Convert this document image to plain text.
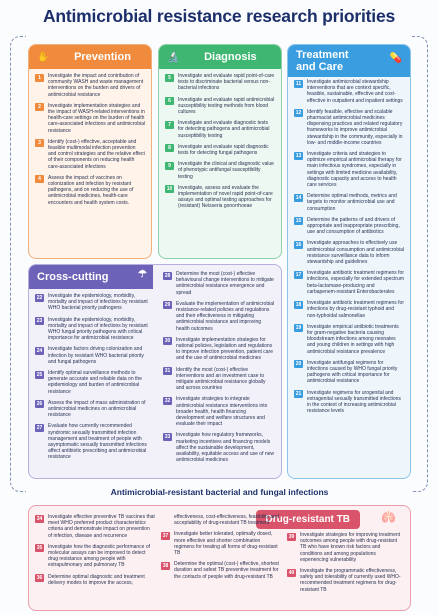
Antimicrobial resistance research priorities
✋ Prevention
1	Investigate the impact and contribution of community WASH and waste management interventions on the burden and drivers of antimicrobial resistance
2	Investigate implementation strategies and the impact of WASH-related interventions in health-care settings on the burden of health care-associated infections and antimicrobial resistance
3	Identify (cost-) effective, acceptable and feasible multimodal infection prevention and control strategies and the relative effect of their components on reducing health care-associated infections
4	Assess the impact of vaccines on colonization and infection by resistant pathogens, and on reducing the use of antimicrobial medicines, health-care encounters and health system costs.
🔬 Diagnosis
5	Investigate and evaluate rapid point-of-care tests to discriminate bacterial versus non-bacterial infections
6	Investigate and evaluate rapid antimicrobial susceptibility testing methods from blood cultures
7	Investigate and evaluate diagnostic tests for detecting pathogens and antimicrobial susceptibility testing
8	Investigate and evaluate rapid diagnostic tests for detecting fungal pathogens
9	Investigate the clinical and diagnostic value of phenotypic antifungal susceptibility testing
10	Investigate, assess and evaluate the implementation of novel rapid point-of-care assays and optimal testing approaches for (resistant) Neisseria gonorrhoeae
Treatment
and Care
💊
11	Investigate antimicrobial stewardship interventions that are context specific, feasible, sustainable, effective and cost-effective in outpatient and inpatient settings
12	Identify feasible, effective and scalable pharmacist antimicrobial medicines dispensing practices and related regulatory frameworks to improve antimicrobial stewardship in the community, especially in low- and middle-income countries
13	Investigate criteria and strategies to optimize empirical antimicrobial therapy for main infectious syndromes, especially in settings with limited medicine availability, diagnostic capacity and access to health care services
14	Determine optimal methods, metrics and targets to monitor antimicrobial use and consumption
15	Determine the patterns of and drivers of appropriate and inappropriate prescribing, use and consumption of antibiotics
16	Investigate approaches to effectively use antimicrobial consumption and antimicrobial resistance surveillance data to inform stewardship and guidelines
17	Investigate antibiotic treatment regimens for infections, especially for extended spectrum beta-lactamase-producing and carbapenem-resistant Enterobacterales
18	Investigate antibiotic treatment regimens for infections by drug-resistant typhoid and non-typhoidal salmonellae
19	Investigate empirical antibiotic treatments for gram-negative bacteria causing bloodstream infections among neonates and young children in settings with high antimicrobial resistance prevalence
20	Investigate antifungal regimens for infections caused by WHO fungal priority pathogens with critical importance for antimicrobial resistance
21	Investigate regimens for urogenital and extragenital sexually transmitted infections in the context of increasing antimicrobial resistance levels
Cross-cutting	☂
22	Investigate the epidemiology, morbidity, mortality and impact of infections by resistant WHO bacterial priority pathogens
23	Investigate the epidemiology, morbidity, mortality and impact of infections by resistant WHO fungal priority pathogens with critical importance for antimicrobial resistance
24	Investigate factors driving colonization and infection by resistant WHO bacterial priority and fungal pathogens
25	Identify optimal surveillance methods to generate accurate and reliable data on the epidemiology and burden of antimicrobial resistance
26	Assess the impact of mass administration of antimicrobial medicines on antimicrobial resistance
27	Evaluate how currently recommended syndromic sexually transmitted infection management and treatment of people with asymptomatic sexually transmitted infections affect antibiotic prescribing and antimicrobial resistance
28	Determine the most (cost-) effective behavioural change interventions to mitigate antimicrobial resistance emergence and spread
29	Evaluate the implementation of antimicrobial resistance-related policies and regulations and their effectiveness in mitigating antimicrobial resistance and improving health outcomes
30	Investigate implementation strategies for national policies, legislation and regulations to improve infection prevention, patient care and the use of antimicrobial medicines
31	Identify the most (cost-) effective interventions and an investment case to mitigate antimicrobial resistance globally and across countries
32	Investigate strategies to integrate antimicrobial resistance interventions into broader health, health financing development and welfare structures and evaluate their impact
33	Investigate how regulatory frameworks, marketing incentives and financing models affect the sustainable development, availability, equitable access and use of new antimicrobial medicines
Antimicrobial-resistant bacterial and fungal infections
Drug-resistant TB	🫁
34	Investigate effective preventive TB vaccines that meet WHO preferred product characteristics criteria and demonstrate impact on prevention of infection, disease and recurrence
35	Investigate how the diagnostic performance of molecular assays can be improved to detect drug resistance among people with extrapulmonary and pulmonary TB
36	Determine optimal diagnostic and treatment delivery modes to improve the access,
effectiveness, cost-effectiveness, feasibility and acceptability of drug-resistant TB treatment
37	Investigate better tolerated, optimally dosed, more effective and shorter combination regimens for treating all forms of drug-resistant TB
38	Determine the optimal (cost-) effective, shortest duration and safest TB preventive treatment for the contacts of people with drug-resistant TB
39	Investigate strategies for improving treatment outcomes among people with drug-resistant TB who have known risk factors and conditions and among populations experiencing vulnerability
40	Investigate the programmatic effectiveness, safety and tolerability of currently used WHO-recommended treatment regimens for drug-resistant TB
